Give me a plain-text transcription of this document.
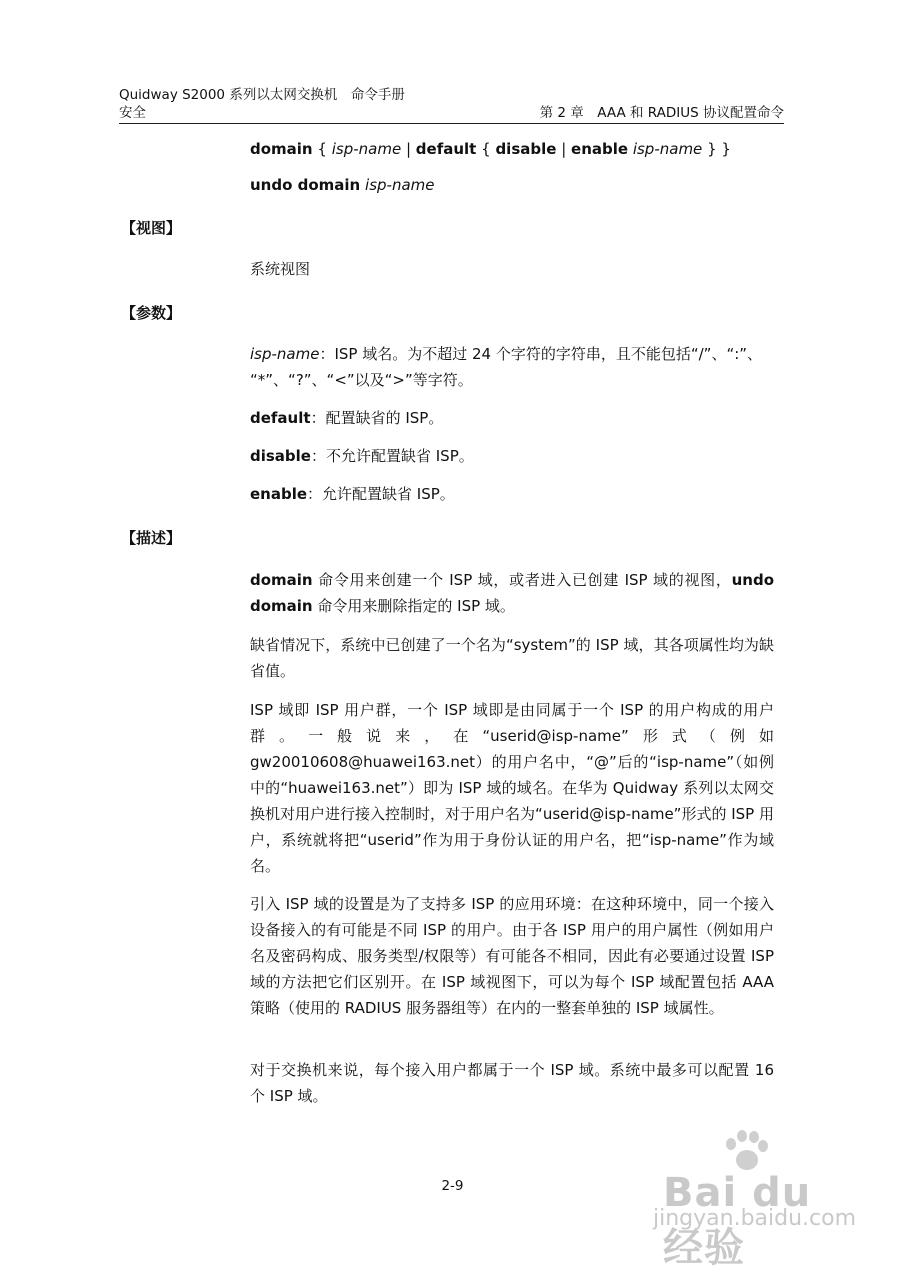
Quidway S2000 系列以太网交换机　命令手册
安全	第 2 章　AAA 和 RADIUS 协议配置命令
domain { isp-name | default { disable | enable isp-name } }
undo domain isp-name
【视图】
系统视图
【参数】
isp-name：ISP 域名。为不超过 24 个字符的字符串，且不能包括“/”、“:”、
“*”、“?”、“<”以及“>”等字符。
default：配置缺省的 ISP。
disable：不允许配置缺省 ISP。
enable：允许配置缺省 ISP。
【描述】
domain 命令用来创建一个 ISP 域，或者进入已创建 ISP 域的视图，undo domain 命令用来删除指定的 ISP 域。
缺省情况下，系统中已创建了一个名为“system”的 ISP 域，其各项属性均为缺省值。
ISP 域即 ISP 用户群，一个 ISP 域即是由同属于一个 ISP 的用户构成的用户群。一般说来，在“userid@isp-name”形式（例如 gw20010608@huawei163.net）的用户名中，“@”后的“isp-name”（如例中的“huawei163.net”）即为 ISP 域的域名。在华为 Quidway 系列以太网交换机对用户进行接入控制时，对于用户名为“userid@isp-name”形式的 ISP 用户，系统就将把“userid”作为用于身份认证的用户名，把“isp-name”作为域名。
引入 ISP 域的设置是为了支持多 ISP 的应用环境：在这种环境中，同一个接入设备接入的有可能是不同 ISP 的用户。由于各 ISP 用户的用户属性（例如用户名及密码构成、服务类型/权限等）有可能各不相同，因此有必要通过设置 ISP 域的方法把它们区别开。在 ISP 域视图下，可以为每个 ISP 域配置包括 AAA 策略（使用的 RADIUS 服务器组等）在内的一整套单独的 ISP 域属性。
对于交换机来说，每个接入用户都属于一个 ISP 域。系统中最多可以配置 16 个 ISP 域。
2-9	Bai du 经验
jingyan.baidu.com
